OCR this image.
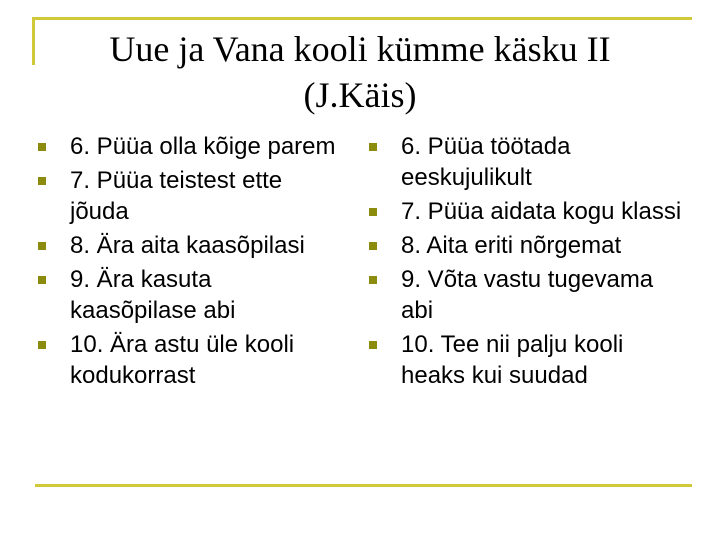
Uue ja Vana kooli kümme käsku II
(J.Käis)
6. Püüa olla kõige parem
7. Püüa teistest ette jõuda
8. Ära aita kaasõpilasi
9. Ära kasuta kaasõpilase abi
10. Ära astu üle kooli kodukorrast
6. Püüa töötada eeskujulikult
7. Püüa aidata kogu klassi
8. Aita eriti nõrgemat
9. Võta vastu tugevama abi
10. Tee nii palju kooli heaks kui suudad
